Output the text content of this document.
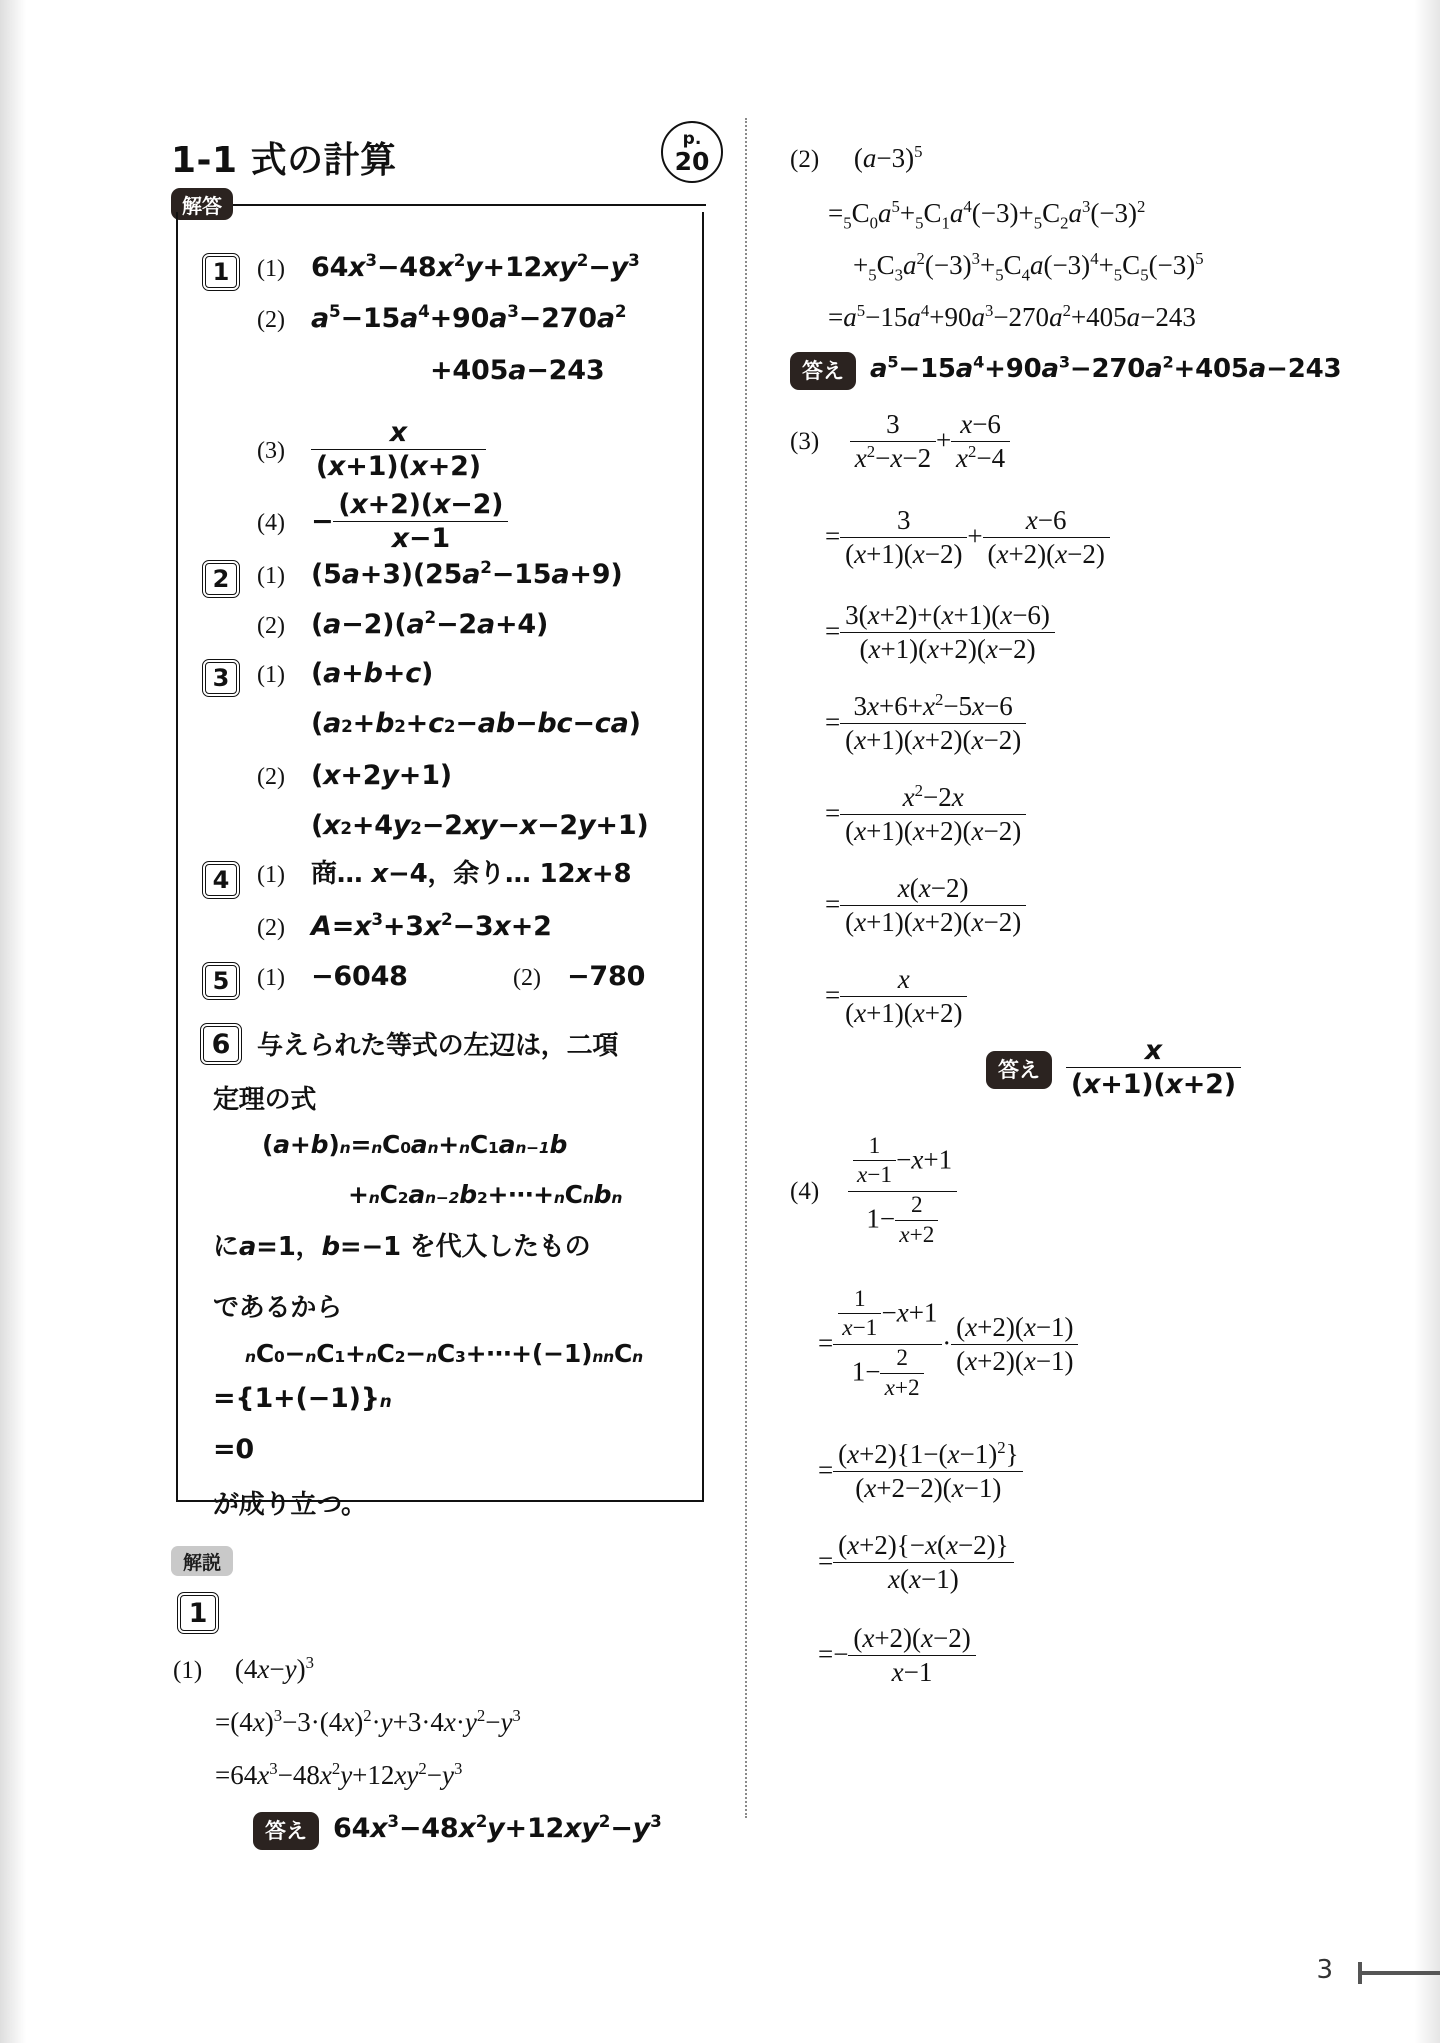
1-1 式の計算
p.
20
解答
1	(1) $64x^3-48x^2y+12xy^2-y^3$
(2) $a^5-15a^4+90a^3-270a^2$
+405 a −243
$(3) \frac{x}{(x+1)(x+2)}$
$(4) - \frac{(x+2)(x-2)}{x-1}$
2	(1) $(5a+3)(25a^2-15a+9)$
(2) $(a-2)(a^2-2a+4)$
3	(1) (a+b+c)
( a 2 + b 2 + c 2 − ab − bc − ca )
(2) (x+2y+1)
( x 2 +4 y 2 −2 xy − x −2 y +1)
4	(1)	商… x−4，余り… 12x+8
(2) $A=x^3+3x^2-3x+2$
5	(1) −6048	(2) −780
6	与えられた等式の左辺は，二項
定理の式
( a + b ) n = n C 0 a n + n C 1 a n−1 b
+ n C 2 a n−2 b 2 +⋯+ n C n b n
に a =1， b =−1 を代入したもの
であるから
n C 0 − n C 1 + n C 2 − n C 3 +⋯+(−1) n n C n
={1+(−1)} n
=0
が成り立つ。
解説
1
(1) $(4x-y)^3$
$=(4x)^3-3\cdot(4x)^2\cdot y+3\cdot 4x\cdot y^2-y^3$
$=64x^3-48x^2y+12xy^2-y^3$
答え $64x^3-48x^2y+12xy^2-y^3$
(2) $(a-3)^5$
$=_5C_0a^5+_5C_1a^4(-3)+_5C_2a^3(-3)^2$
$+_5C_3a^2(-3)^3+_5C_4a(-3)^4+_5C_5(-3)^5$
$=a^5-15a^4+90a^3-270a^2+405a-243$
答え $a^5-15a^4+90a^3-270a^2+405a-243$
$(3) \frac{3}{x^2-x-2} + \frac{x-6}{x^2-4}$
= $\frac{3}{(x+1)(x-2)} + \frac{x-6}{(x+2)(x-2)}$
= $\frac{3(x+2)+(x+1)(x-6)}{(x+1)(x+2)(x-2)}$
= $\frac{3x+6+x^2-5x-6}{(x+1)(x+2)(x-2)}$
= $\frac{x^2-2x}{(x+1)(x+2)(x-2)}$
= $\frac{x(x-2)}{(x+1)(x+2)(x-2)}$
= $\frac{x}{(x+1)(x+2)}$
答え $\frac{x}{(x+1)(x+2)}$
$(4) \frac{\frac{1}{x-1} -x+1}{1- \frac{2}{x+2}}$
= $\frac{\frac{1}{x-1} -x+1}{1- \frac{2}{x+2}} \cdot \frac{(x+2)(x-1)}{(x+2)(x-1)}$
= $\frac{(x+2)\{1-(x-1)^2\}}{(x+2-2)(x-1)}$
= $\frac{(x+2)\{-x(x-2)\}}{x(x-1)}$
=− $\frac{(x+2)(x-2)}{x-1}$
3
